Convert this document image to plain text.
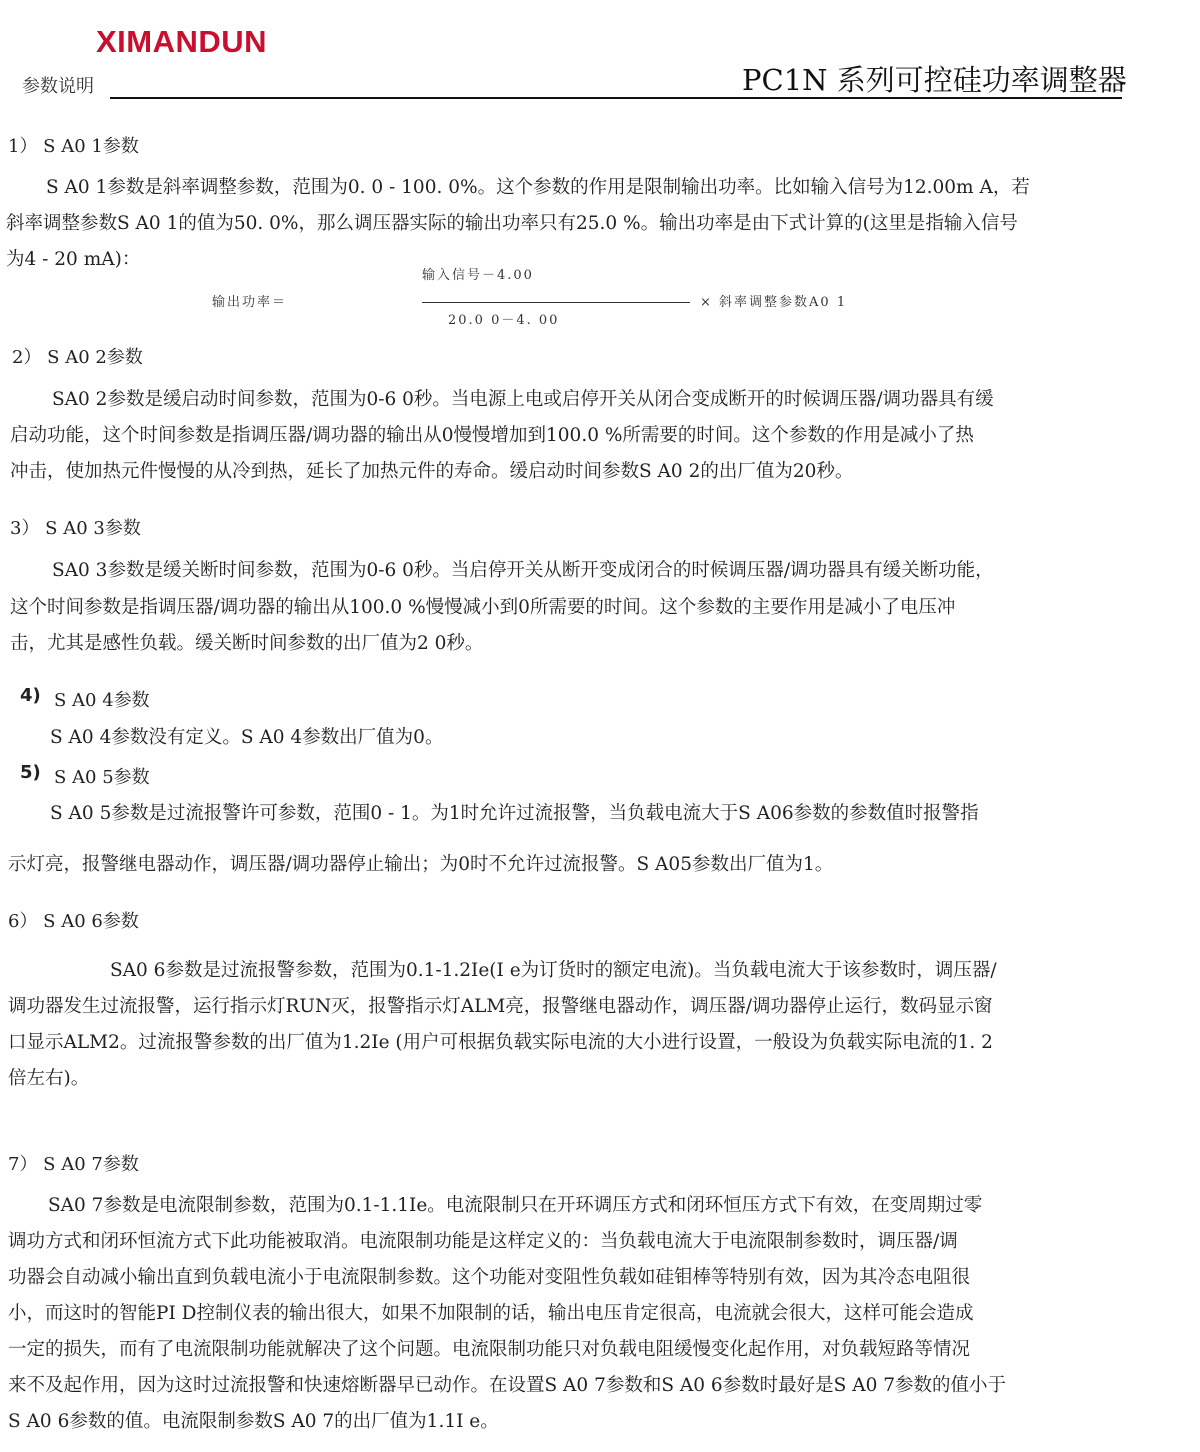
XIMANDUN
参数说明	PC1N 系列可控硅功率调整器
1） S A0 1参数
S A0 1参数是斜率调整参数，范围为0. 0 - 100. 0%。这个参数的作用是限制输出功率。比如输入信号为12.00m A，若
斜率调整参数S A0 1的值为50. 0%，那么调压器实际的输出功率只有25.0 %。输出功率是由下式计算的(这里是指输入信号
为4 - 20 mA)：
输入信号－4.00
输出功率＝	× 斜率调整参数A0 1
20.0 0－4. 00
2） S A0 2参数
SA0 2参数是缓启动时间参数，范围为0-6 0秒。当电源上电或启停开关从闭合变成断开的时候调压器/调功器具有缓
启动功能，这个时间参数是指调压器/调功器的输出从0慢慢增加到100.0 %所需要的时间。这个参数的作用是减小了热
冲击，使加热元件慢慢的从冷到热，延长了加热元件的寿命。缓启动时间参数S A0 2的出厂值为20秒。
3） S A0 3参数
SA0 3参数是缓关断时间参数，范围为0-6 0秒。当启停开关从断开变成闭合的时候调压器/调功器具有缓关断功能，
这个时间参数是指调压器/调功器的输出从100.0 %慢慢减小到0所需要的时间。这个参数的主要作用是减小了电压冲
击，尤其是感性负载。缓关断时间参数的出厂值为2 0秒。
4) S A0 4参数
S A0 4参数没有定义。S A0 4参数出厂值为0。
5) S A0 5参数
S A0 5参数是过流报警许可参数，范围0 - 1。为1时允许过流报警，当负载电流大于S A06参数的参数值时报警指
示灯亮，报警继电器动作，调压器/调功器停止输出；为0时不允许过流报警。S A05参数出厂值为1。
6） S A0 6参数
SA0 6参数是过流报警参数，范围为0.1-1.2Ie(I e为订货时的额定电流)。当负载电流大于该参数时，调压器/
调功器发生过流报警，运行指示灯RUN灭，报警指示灯ALM亮，报警继电器动作，调压器/调功器停止运行，数码显示窗
口显示ALM2。过流报警参数的出厂值为1.2Ie (用户可根据负载实际电流的大小进行设置，一般设为负载实际电流的1. 2
倍左右)。
7） S A0 7参数
SA0 7参数是电流限制参数，范围为0.1-1.1Ie。电流限制只在开环调压方式和闭环恒压方式下有效，在变周期过零
调功方式和闭环恒流方式下此功能被取消。电流限制功能是这样定义的：当负载电流大于电流限制参数时，调压器/调
功器会自动减小输出直到负载电流小于电流限制参数。这个功能对变阻性负载如硅钼棒等特别有效，因为其冷态电阻很
小，而这时的智能PI D控制仪表的输出很大，如果不加限制的话，输出电压肯定很高，电流就会很大，这样可能会造成
一定的损失，而有了电流限制功能就解决了这个问题。电流限制功能只对负载电阻缓慢变化起作用，对负载短路等情况
来不及起作用，因为这时过流报警和快速熔断器早已动作。在设置S A0 7参数和S A0 6参数时最好是S A0 7参数的值小于
S A0 6参数的值。电流限制参数S A0 7的出厂值为1.1I e。
